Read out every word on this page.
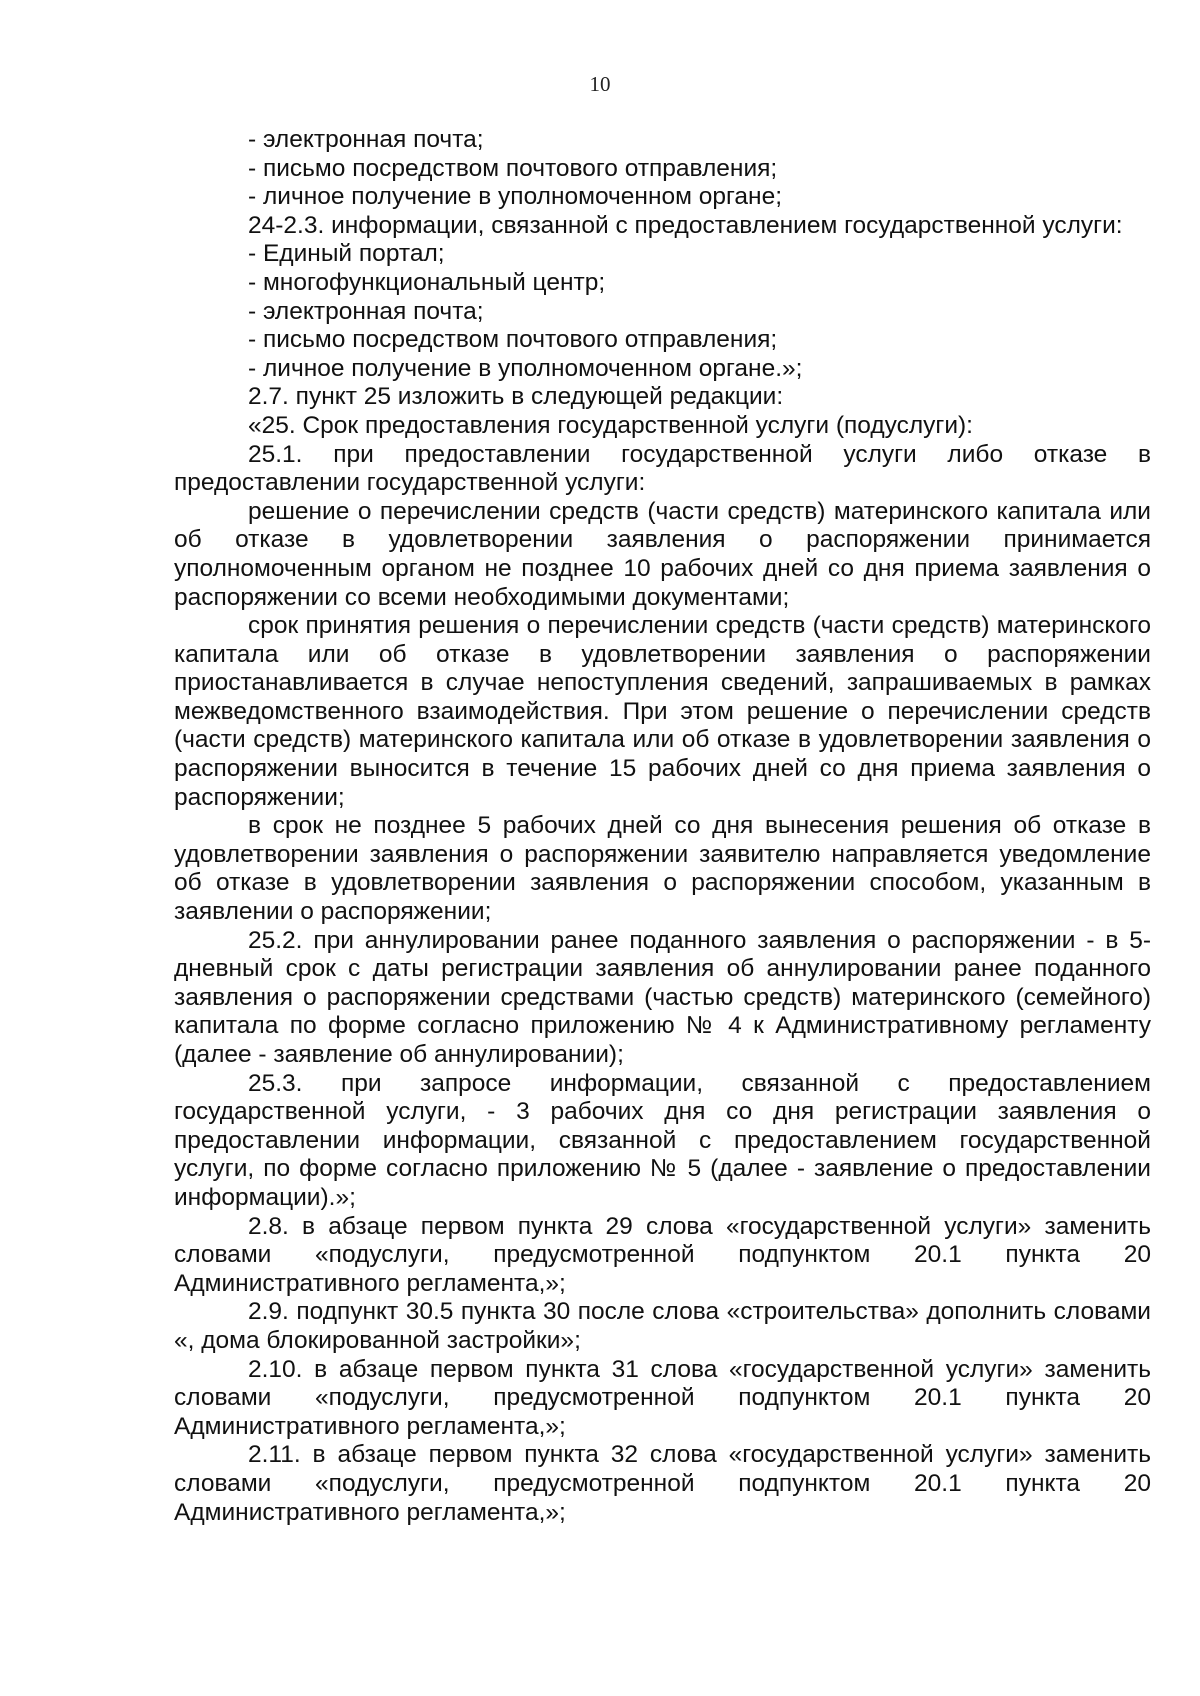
10

- электронная почта;

- письмо посредством почтового отправления;

- личное получение в уполномоченном органе;

24-2.3. информации, связанной с предоставлением государственной услуги:

- Единый портал;

- многофункциональный центр;

- электронная почта;

- письмо посредством почтового отправления;

- личное получение в уполномоченном органе.»;

2.7. пункт 25 изложить в следующей редакции:

«25. Срок предоставления государственной услуги (подуслуги):

25.1. при предоставлении государственной услуги либо отказе в предоставлении государственной услуги:

решение о перечислении средств (части средств) материнского капитала или об отказе в удовлетворении заявления о распоряжении принимается уполномоченным органом не позднее 10 рабочих дней со дня приема заявления о распоряжении со всеми необходимыми документами;

срок принятия решения о перечислении средств (части средств) материнского капитала или об отказе в удовлетворении заявления о распоряжении приостанавливается в случае непоступления сведений, запрашиваемых в рамках межведомственного взаимодействия. При этом решение о перечислении средств (части средств) материнского капитала или об отказе в удовлетворении заявления о распоряжении выносится в течение 15 рабочих дней со дня приема заявления о распоряжении;

в срок не позднее 5 рабочих дней со дня вынесения решения об отказе в удовлетворении заявления о распоряжении заявителю направляется уведомление об отказе в удовлетворении заявления о распоряжении способом, указанным в заявлении о распоряжении;

25.2. при аннулировании ранее поданного заявления о распоряжении - в 5-дневный срок с даты регистрации заявления об аннулировании ранее поданного заявления о распоряжении средствами (частью средств) материнского (семейного) капитала по форме согласно приложению № 4 к Административному регламенту (далее - заявление об аннулировании);

25.3. при запросе информации, связанной с предоставлением государственной услуги, - 3 рабочих дня со дня регистрации заявления о предоставлении информации, связанной с предоставлением государственной услуги, по форме согласно приложению № 5 (далее - заявление о предоставлении информации).»;

2.8. в абзаце первом пункта 29 слова «государственной услуги» заменить словами «подуслуги, предусмотренной подпунктом 20.1 пункта 20 Административного регламента,»;

2.9. подпункт 30.5 пункта 30 после слова «строительства» дополнить словами «, дома блокированной застройки»;

2.10. в абзаце первом пункта 31 слова «государственной услуги» заменить словами «подуслуги, предусмотренной подпунктом 20.1 пункта 20 Административного регламента,»;

2.11. в абзаце первом пункта 32 слова «государственной услуги» заменить словами «подуслуги, предусмотренной подпунктом 20.1 пункта 20 Административного регламента,»;
